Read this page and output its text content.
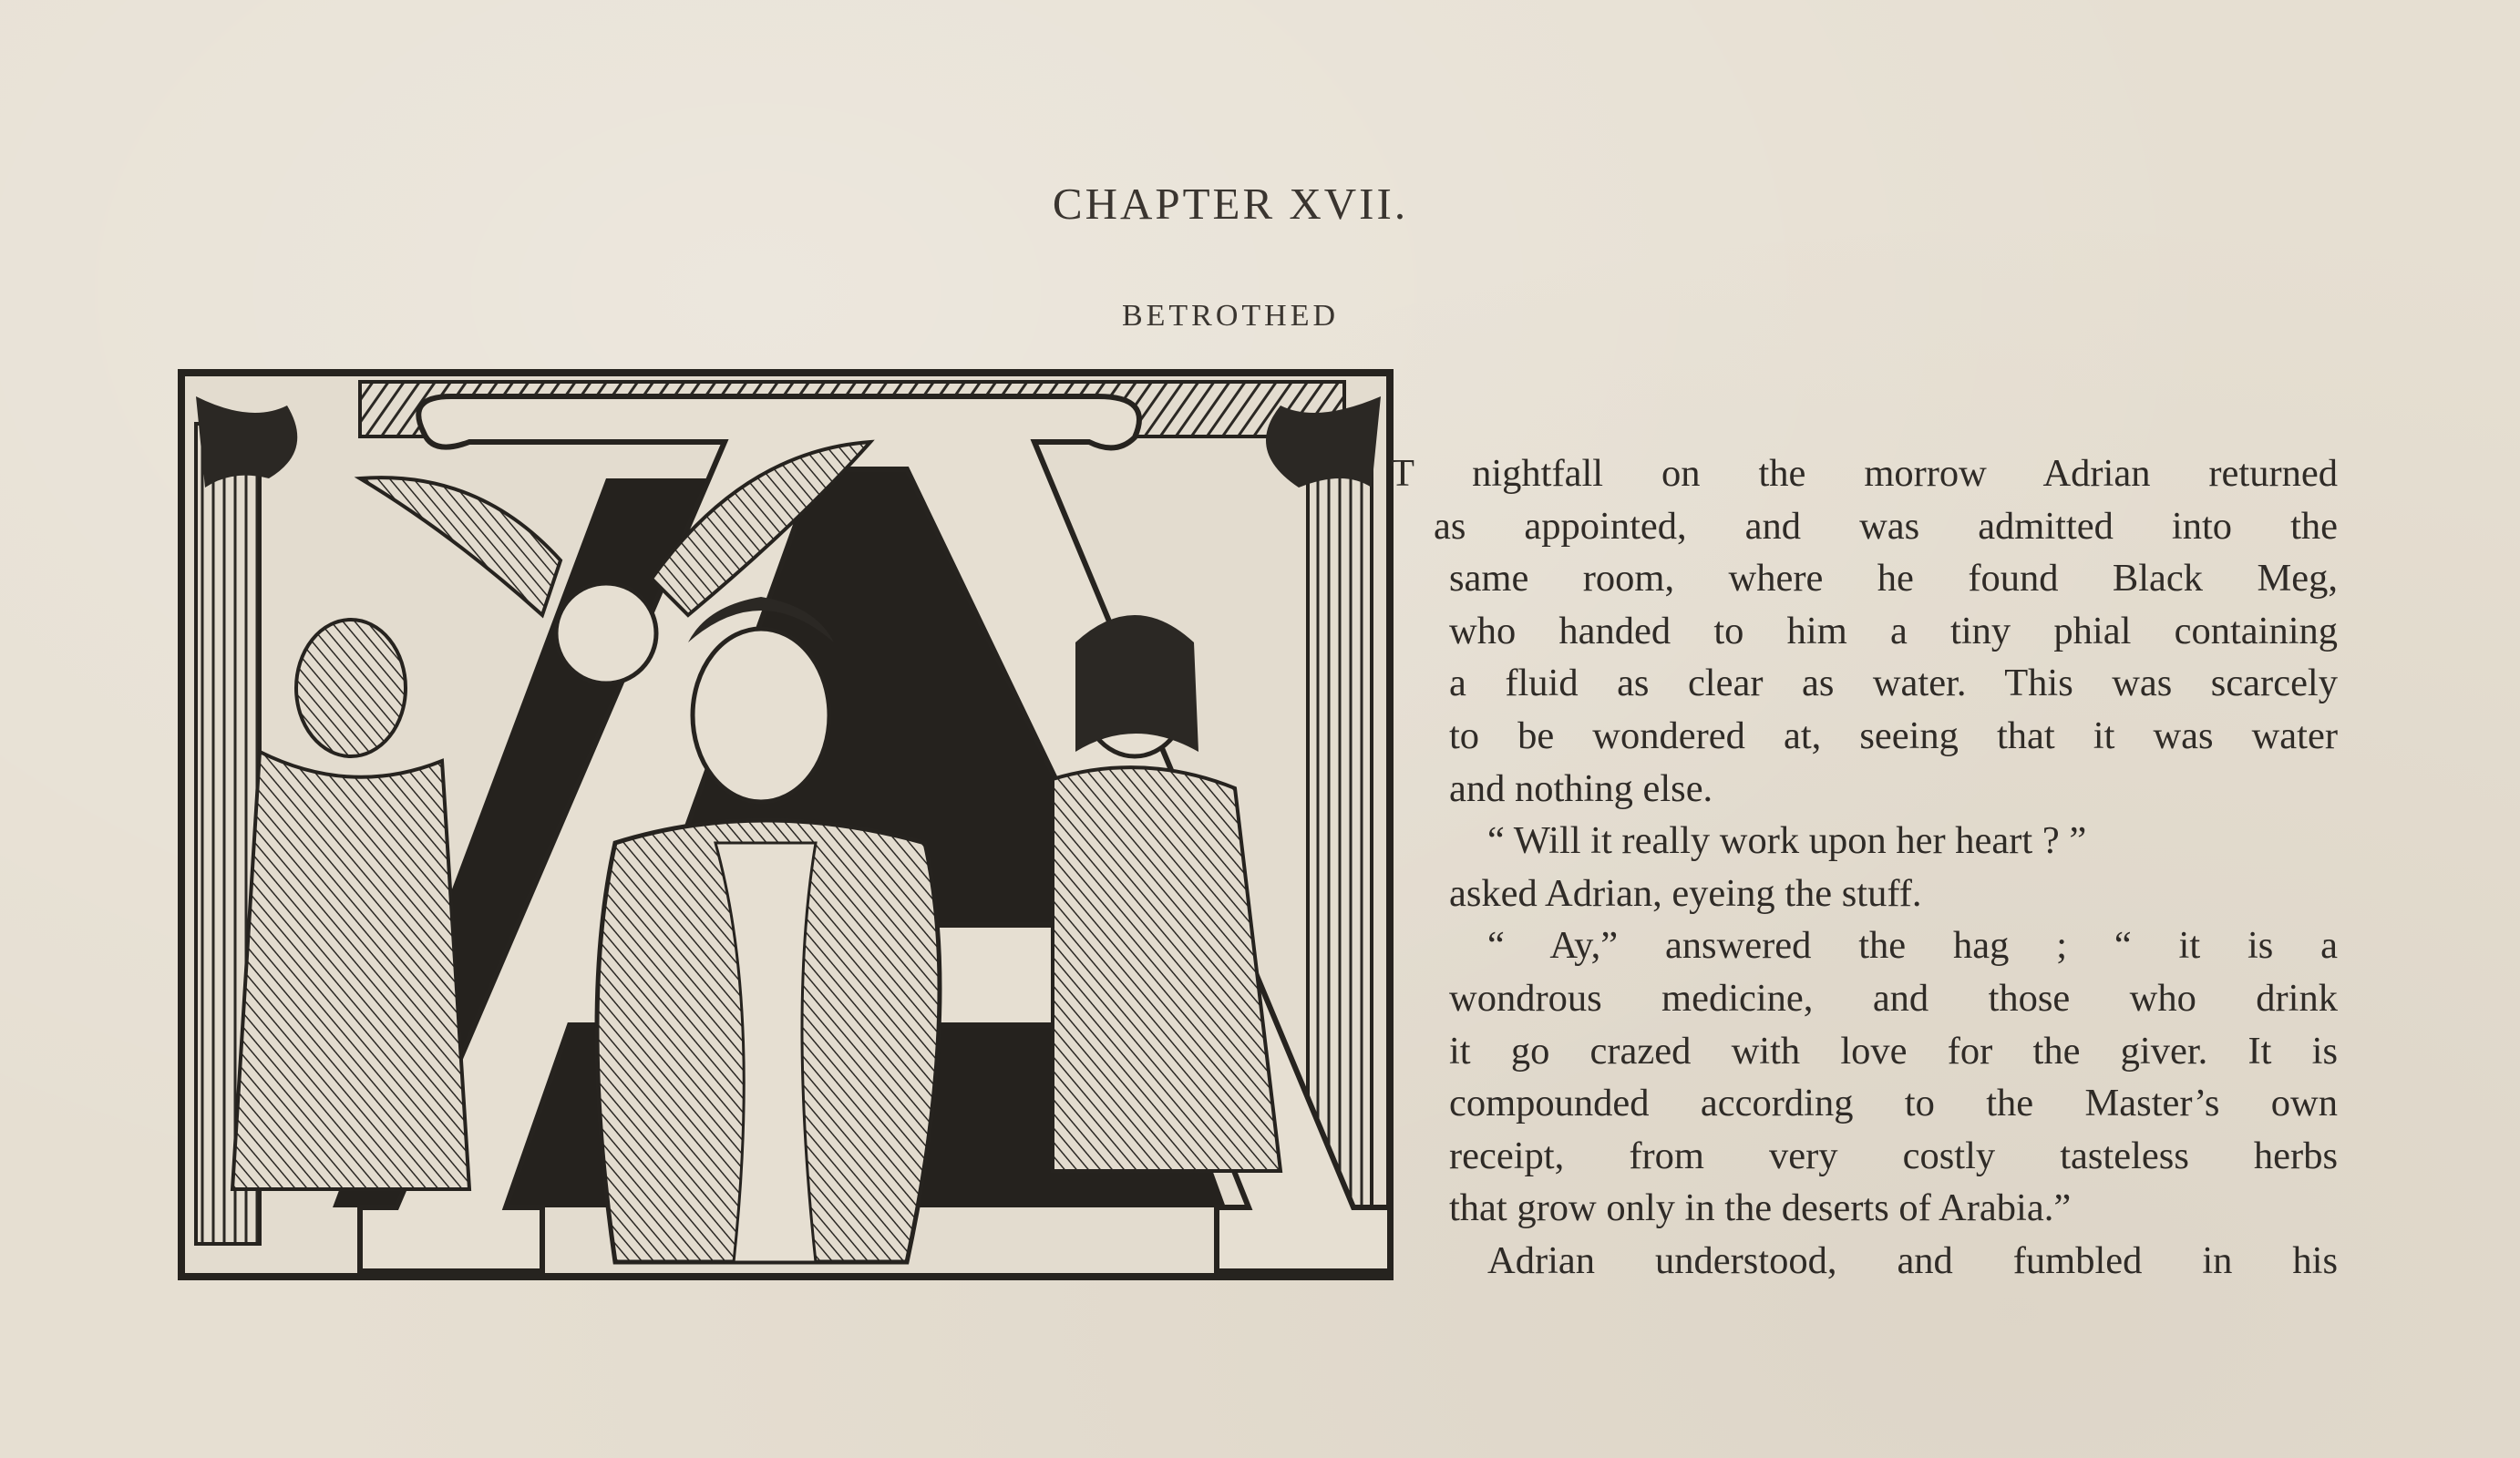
CHAPTER XVII.
BETROTHED
T nightfall on the morrow Adrian returned
as appointed, and was admitted into the
same room, where he found Black Meg,
who handed to him a tiny phial containing
a fluid as clear as water. This was scarcely
to be wondered at, seeing that it was water
and nothing else.
“ Will it really work upon her heart ? ”
asked Adrian, eyeing the stuff.
“ Ay,” answered the hag ; “ it is a
wondrous medicine, and those who drink
it go crazed with love for the giver. It is
compounded according to the Master’s own
receipt, from very costly tasteless herbs
that grow only in the deserts of Arabia.”
Adrian understood, and fumbled in his
